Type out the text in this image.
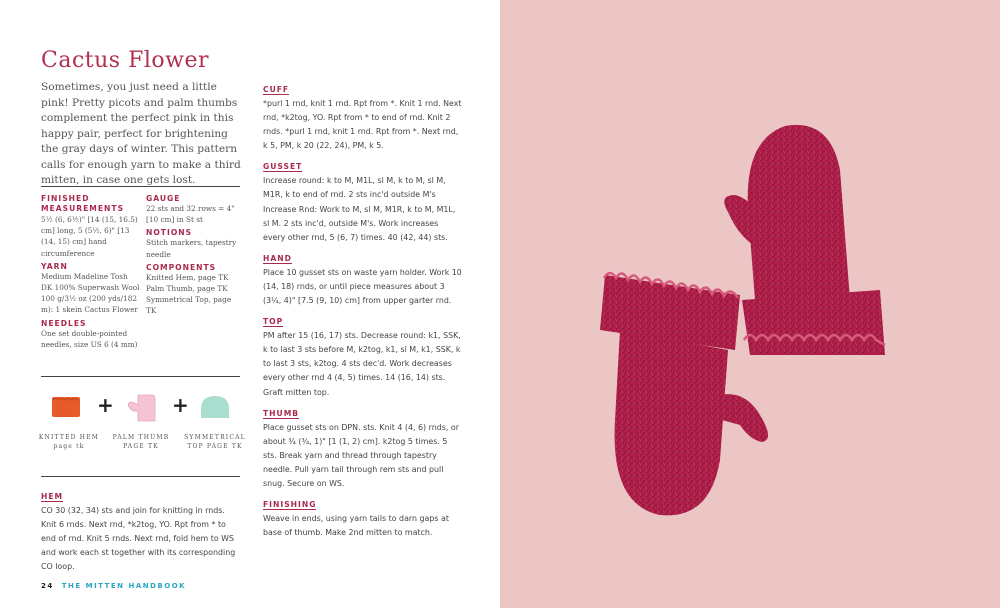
Cactus Flower
Sometimes, you just need a little pink! Pretty picots and palm thumbs complement the perfect pink in this happy pair, perfect for brightening the gray days of winter. This pattern calls for enough yarn to make a third mitten, in case one gets lost.
FINISHED MEASUREMENTS
5½ (6, 6½)" [14 (15, 16.5) cm] long, 5 (5½, 6)" [13 (14, 15) cm] hand circumference
YARN
Medium Madeline Tosh DK 100% Superwash Wool 100 g/3½ oz (200 yds/182 m): 1 skein Cactus Flower
NEEDLES
One set double-pointed needles, size US 6 (4 mm)
GAUGE
22 sts and 32 rows = 4" [10 cm] in St st
NOTIONS
Stitch markers, tapestry needle
COMPONENTS
Knitted Hem, page TK Palm Thumb, page TK Symmetrical Top, page TK
+	+
KNITTED HEM page tk
PALM THUMB PAGE TK
SYMMETRICAL TOP PAGE TK
HEM
CO 30 (32, 34) sts and join for knitting in rnds. Knit 6 rnds. Next rnd, *k2tog, YO. Rpt from * to end of rnd. Knit 5 rnds. Next rnd, fold hem to WS and work each st together with its corresponding CO loop.
CUFF
*purl 1 rnd, knit 1 rnd. Rpt from *. Knit 1 rnd. Next rnd, *k2tog, YO. Rpt from * to end of rnd. Knit 2 rnds. *purl 1 rnd, knit 1 rnd. Rpt from *. Next rnd, k 5, PM, k 20 (22, 24), PM, k 5.
GUSSET
Increase round: k to M, M1L, sl M, k to M, sl M, M1R, k to end of rnd. 2 sts inc'd outside M's Increase Rnd: Work to M, sl M, M1R, k to M, M1L, sl M. 2 sts inc'd, outside M's. Work increases every other rnd, 5 (6, 7) times. 40 (42, 44) sts.
HAND
Place 10 gusset sts on waste yarn holder. Work 10 (14, 18) rnds, or until piece measures about 3 (3¼, 4)" [7.5 (9, 10) cm] from upper garter rnd.
TOP
PM after 15 (16, 17) sts. Decrease round: k1, SSK, k to last 3 sts before M, k2tog, k1, sl M, k1, SSK, k to last 3 sts, k2tog. 4 sts dec'd. Work decreases every other rnd 4 (4, 5) times. 14 (16, 14) sts. Graft mitten top.
THUMB
Place gusset sts on DPN. sts. Knit 4 (4, 6) rnds, or about ¾ (¾, 1)" [1 (1, 2) cm]. k2tog 5 times. 5 sts. Break yarn and thread through tapestry needle. Pull yarn tail through rem sts and pull snug. Secure on WS.
FINISHING
Weave in ends, using yarn tails to darn gaps at base of thumb. Make 2nd mitten to match.
24 THE MITTEN HANDBOOK
